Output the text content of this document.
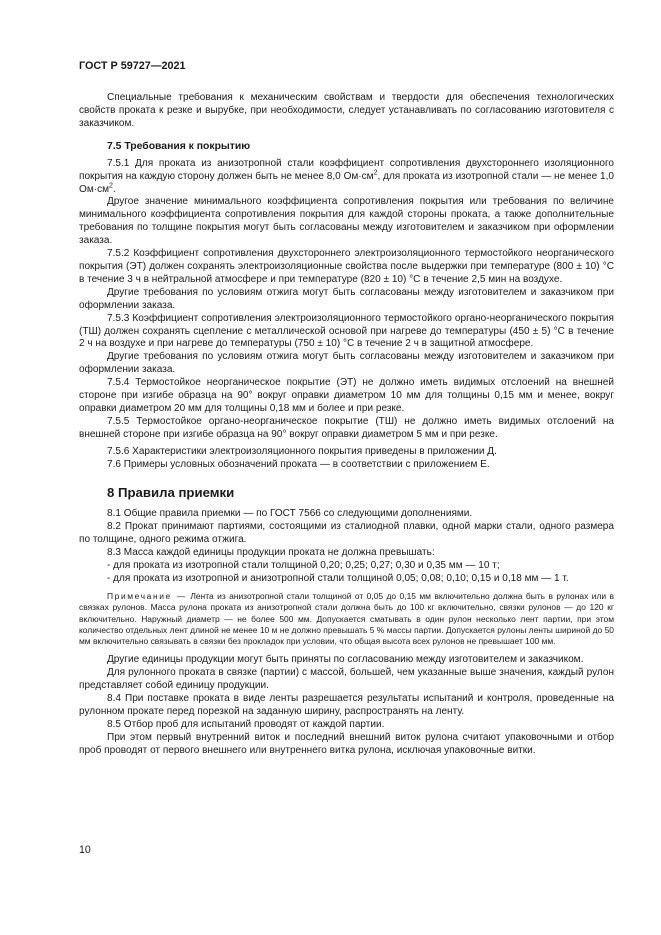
ГОСТ Р 59727—2021

Специальные требования к механическим свойствам и твердости для обеспечения технологических свойств проката к резке и вырубке, при необходимости, следует устанавливать по согласованию изготовителя с заказчиком.

7.5 Требования к покрытию

7.5.1 Для проката из анизотропной стали коэффициент сопротивления двухстороннего изоляционного покрытия на каждую сторону должен быть не менее 8,0 $Ом\cdot см^2$, для проката из изотропной стали — не менее 1,0 $Ом\cdot см^2$.

Другое значение минимального коэффициента сопротивления покрытия или требования по величине минимального коэффициента сопротивления покрытия для каждой стороны проката, а также дополнительные требования по толщине покрытия могут быть согласованы между изготовителем и заказчиком при оформлении заказа.

7.5.2 Коэффициент сопротивления двухстороннего электроизоляционного термостойкого неорганического покрытия (ЭТ) должен сохранять электроизоляционные свойства после выдержки при температуре (800 ± 10) °С в течение 3 ч в нейтральной атмосфере и при температуре (820 ± 10) °С в течение 2,5 мин на воздухе.

Другие требования по условиям отжига могут быть согласованы между изготовителем и заказчиком при оформлении заказа.

7.5.3 Коэффициент сопротивления электроизоляционного термостойкого органо-неорганического покрытия (ТШ) должен сохранять сцепление с металлической основой при нагреве до температуры (450 ± 5) °С в течение 2 ч на воздухе и при нагреве до температуры (750 ± 10) °С в течение 2 ч в защитной атмосфере.

Другие требования по условиям отжига могут быть согласованы между изготовителем и заказчиком при оформлении заказа.

7.5.4 Термостойкое неорганическое покрытие (ЭТ) не должно иметь видимых отслоений на внешней стороне при изгибе образца на 90° вокруг оправки диаметром 10 мм для толщины 0,15 мм и менее, вокруг оправки диаметром 20 мм для толщины 0,18 мм и более и при резке.

7.5.5 Термостойкое органо-неорганическое покрытие (ТШ) не должно иметь видимых отслоений на внешней стороне при изгибе образца на 90° вокруг оправки диаметром 5 мм и при резке.

7.5.6 Характеристики электроизоляционного покрытия приведены в приложении Д.

7.6 Примеры условных обозначений проката — в соответствии с приложением Е.

8 Правила приемки

8.1 Общие правила приемки — по ГОСТ 7566 со следующими дополнениями.

8.2 Прокат принимают партиями, состоящими из сталиодной плавки, одной марки стали, одного размера по толщине, одного режима отжига.

8.3 Масса каждой единицы продукции проката не должна превышать:

- для проката из изотропной стали толщиной 0,20; 0,25; 0,27; 0,30 и 0,35 мм — 10 т;

- для проката из изотропной и анизотропной стали толщиной 0,05; 0,08; 0,10; 0,15 и 0,18 мм — 1 т.

Примечание — Лента из анизотропной стали толщиной от 0,05 до 0,15 мм включительно должна быть в рулонах или в связках рулонов. Масса рулона проката из анизотропной стали должна быть до 100 кг включительно, связки рулонов — до 120 кг включительно. Наружный диаметр — не более 500 мм. Допускается сматывать в один рулон несколько лент партии, при этом количество отдельных лент длиной не менее 10 м не должно превышать 5 % массы партии. Допускается рулоны ленты шириной до 50 мм включительно связывать в связки без прокладок при условии, что общая высота всех рулонов не превышает 100 мм.

Другие единицы продукции могут быть приняты по согласованию между изготовителем и заказчиком.

Для рулонного проката в связке (партии) с массой, большей, чем указанные выше значения, каждый рулон представляет собой единицу продукции.

8.4 При поставке проката в виде ленты разрешается результаты испытаний и контроля, проведенные на рулонном прокате перед порезкой на заданную ширину, распространять на ленту.

8.5 Отбор проб для испытаний проводят от каждой партии.

При этом первый внутренний виток и последний внешний виток рулона считают упаковочными и отбор проб проводят от первого внешнего или внутреннего витка рулона, исключая упаковочные витки.

10
